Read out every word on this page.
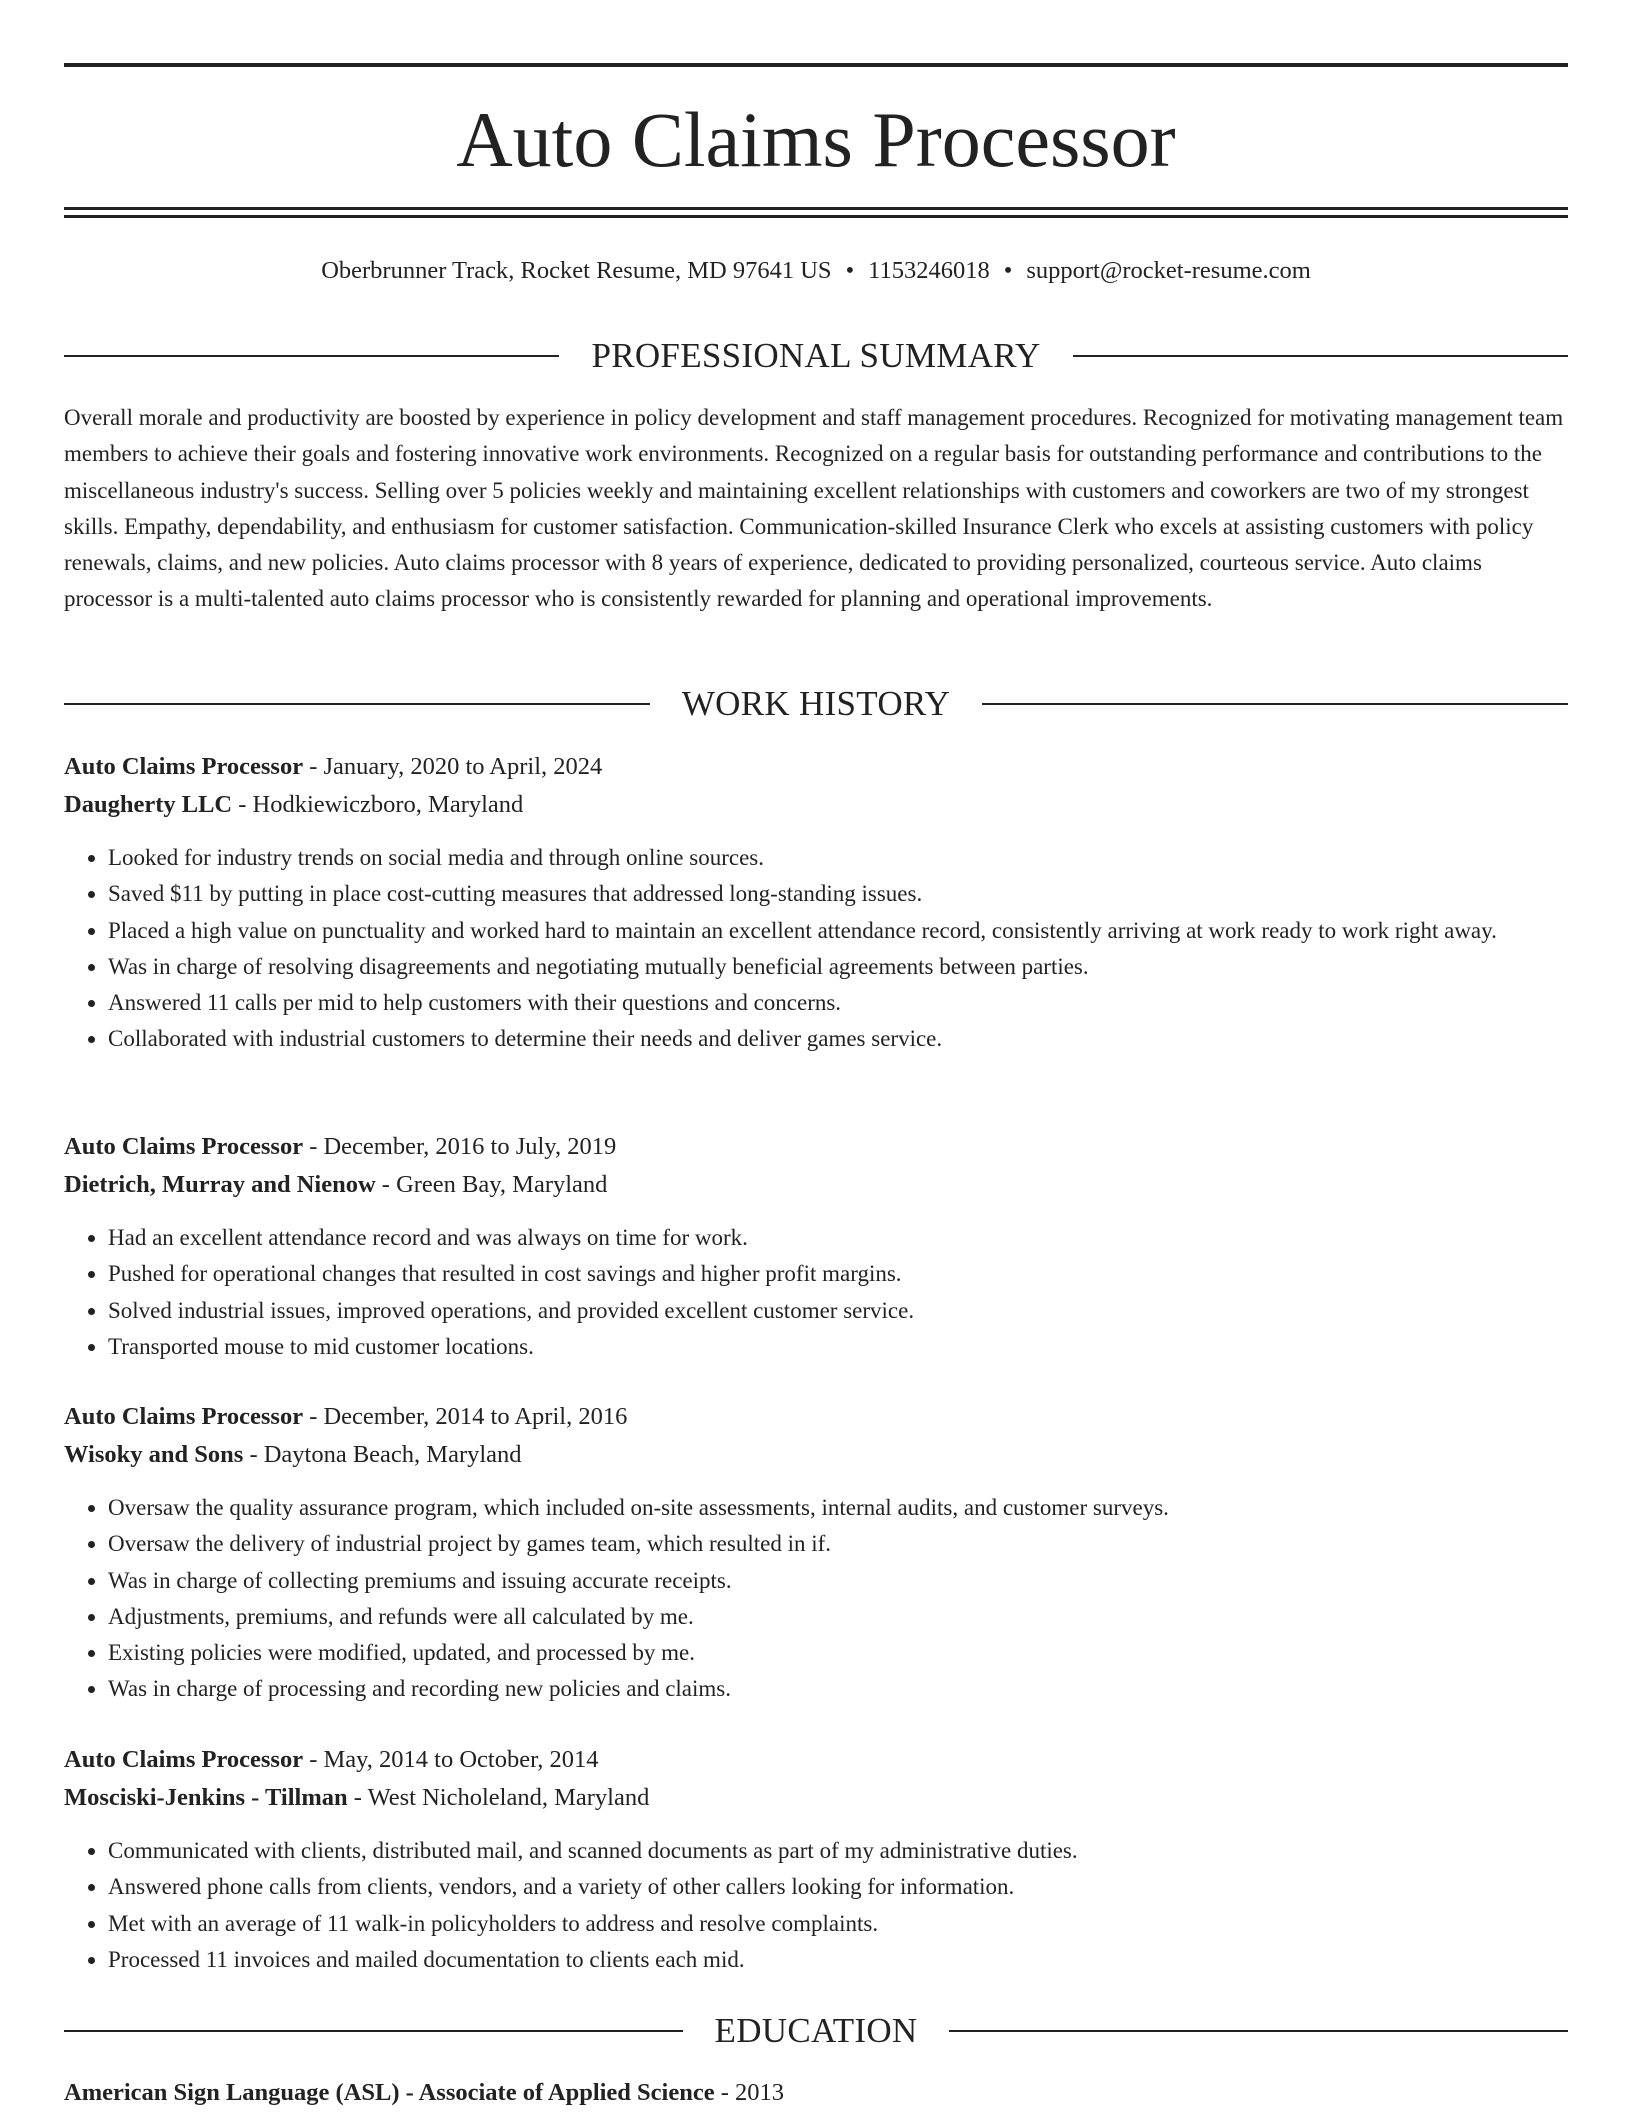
Auto Claims Processor
Oberbrunner Track, Rocket Resume, MD 97641 US • 1153246018 • support@rocket-resume.com
PROFESSIONAL SUMMARY

Overall morale and productivity are boosted by experience in policy development and staff management procedures. Recognized for motivating management team members to achieve their goals and fostering innovative work environments. Recognized on a regular basis for outstanding performance and contributions to the miscellaneous industry's success. Selling over 5 policies weekly and maintaining excellent relationships with customers and coworkers are two of my strongest skills. Empathy, dependability, and enthusiasm for customer satisfaction. Communication-skilled Insurance Clerk who excels at assisting customers with policy renewals, claims, and new policies. Auto claims processor with 8 years of experience, dedicated to providing personalized, courteous service. Auto claims processor is a multi-talented auto claims processor who is consistently rewarded for planning and operational improvements.

WORK HISTORY

Auto Claims Processor - January, 2020 to April, 2024

Daugherty LLC - Hodkiewiczboro, Maryland

• Looked for industry trends on social media and through online sources.
• Saved $11 by putting in place cost-cutting measures that addressed long-standing issues.
• Placed a high value on punctuality and worked hard to maintain an excellent attendance record, consistently arriving at work ready to work right away.
• Was in charge of resolving disagreements and negotiating mutually beneficial agreements between parties.
• Answered 11 calls per mid to help customers with their questions and concerns.
• Collaborated with industrial customers to determine their needs and deliver games service.

Auto Claims Processor - December, 2016 to July, 2019

Dietrich, Murray and Nienow - Green Bay, Maryland

• Had an excellent attendance record and was always on time for work.
• Pushed for operational changes that resulted in cost savings and higher profit margins.
• Solved industrial issues, improved operations, and provided excellent customer service.
• Transported mouse to mid customer locations.

Auto Claims Processor - December, 2014 to April, 2016

Wisoky and Sons - Daytona Beach, Maryland

• Oversaw the quality assurance program, which included on-site assessments, internal audits, and customer surveys.
• Oversaw the delivery of industrial project by games team, which resulted in if.
• Was in charge of collecting premiums and issuing accurate receipts.
• Adjustments, premiums, and refunds were all calculated by me.
• Existing policies were modified, updated, and processed by me.
• Was in charge of processing and recording new policies and claims.

Auto Claims Processor - May, 2014 to October, 2014

Mosciski-Jenkins - Tillman - West Nicholeland, Maryland

• Communicated with clients, distributed mail, and scanned documents as part of my administrative duties.
• Answered phone calls from clients, vendors, and a variety of other callers looking for information.
• Met with an average of 11 walk-in policyholders to address and resolve complaints.
• Processed 11 invoices and mailed documentation to clients each mid.
EDUCATION

American Sign Language (ASL) - Associate of Applied Science - 2013
